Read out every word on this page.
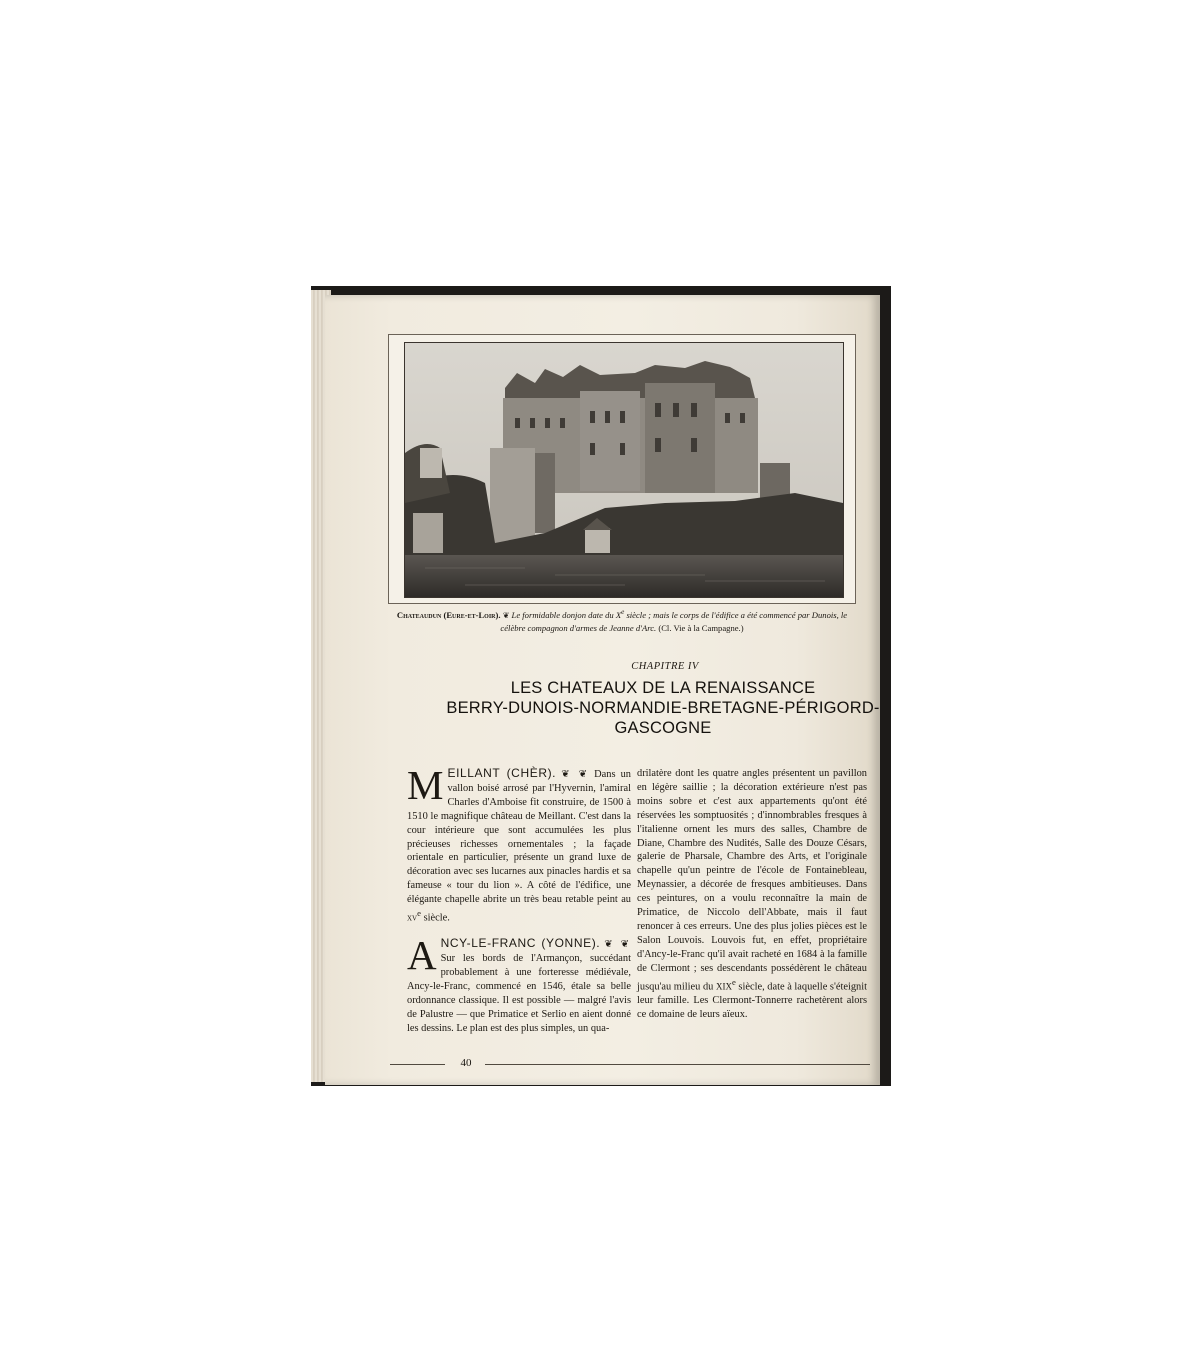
Chateaudun (Eure-et-Loir). ❦ Le formidable donjon date du Xe siècle ; mais le corps de l'édifice a été commencé par Dunois, le célèbre compagnon d'armes de Jeanne d'Arc. (Cl. Vie à la Campagne.)
CHAPITRE IV
LES CHATEAUX DE LA RENAISSANCE
BERRY-DUNOIS-NORMANDIE-BRETAGNE-PÉRIGORD-
GASCOGNE

MEILLANT (CHÈR). ❦ ❦ Dans un vallon boisé arrosé par l'Hyvernin, l'amiral Charles d'Amboise fit construire, de 1500 à 1510 le magnifique château de Meillant. C'est dans la cour intérieure que sont accumulées les plus précieuses richesses ornementales ; la façade orientale en particulier, présente un grand luxe de décoration avec ses lucarnes aux pinacles hardis et sa fameuse « tour du lion ». A côté de l'édifice, une élégante chapelle abrite un très beau retable peint au $xv^e$ siècle.

ANCY-LE-FRANC (YONNE). ❦ ❦ Sur les bords de l'Armançon, succédant probablement à une forteresse médiévale, Ancy-le-Franc, commencé en 1546, étale sa belle ordonnance classique. Il est possible — malgré l'avis de Palustre — que Primatice et Serlio en aient donné les dessins. Le plan est des plus simples, un qua-

drilatère dont les quatre angles présentent un pavillon en légère saillie ; la décoration extérieure n'est pas moins sobre et c'est aux appartements qu'ont été réservées les somptuosités ; d'innombrables fresques à l'italienne ornent les murs des salles, Chambre de Diane, Chambre des Nudités, Salle des Douze Césars, galerie de Pharsale, Chambre des Arts, et l'originale chapelle qu'un peintre de l'école de Fontainebleau, Meynassier, a décorée de fresques ambitieuses. Dans ces peintures, on a voulu reconnaître la main de Primatice, de Niccolo dell'Abbate, mais il faut renoncer à ces erreurs. Une des plus jolies pièces est le Salon Louvois. Louvois fut, en effet, propriétaire d'Ancy-le-Franc qu'il avait racheté en 1684 à la famille de Clermont ; ses descendants possédèrent le château jusqu'au milieu du XIXe siècle, date à laquelle s'éteignit leur famille. Les Clermont-Tonnerre rachetèrent alors ce domaine de leurs aïeux.

40
